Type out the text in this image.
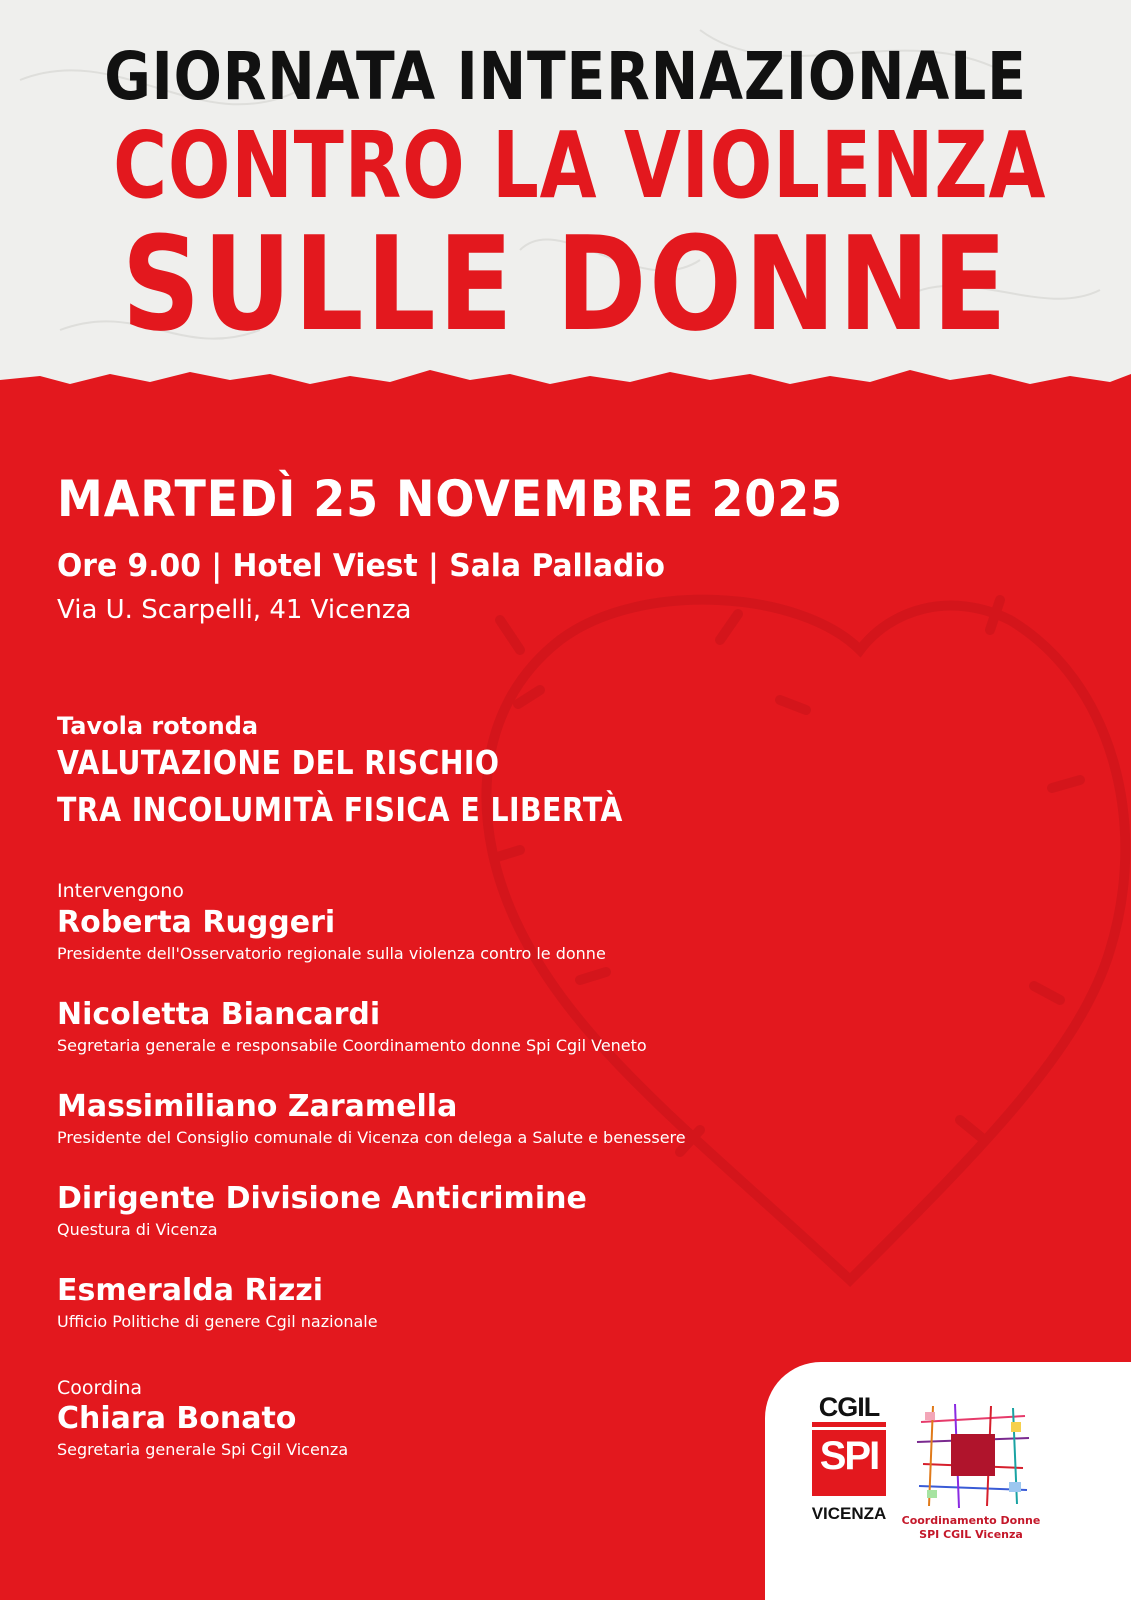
GIORNATA INTERNAZIONALE
CONTRO LA VIOLENZA
SULLE DONNE
MARTEDÌ 25 NOVEMBRE 2025
Ore 9.00 | Hotel Viest | Sala Palladio
Via U. Scarpelli, 41 Vicenza
Tavola rotonda
VALUTAZIONE DEL RISCHIO
TRA INCOLUMITÀ FISICA E LIBERTÀ
Intervengono
Roberta Ruggeri
Presidente dell'Osservatorio regionale sulla violenza contro le donne
Nicoletta Biancardi
Segretaria generale e responsabile Coordinamento donne Spi Cgil Veneto
Massimiliano Zaramella
Presidente del Consiglio comunale di Vicenza con delega a Salute e benessere
Dirigente Divisione Anticrimine
Questura di Vicenza
Esmeralda Rizzi
Ufficio Politiche di genere Cgil nazionale
Coordina
Chiara Bonato
Segretaria generale Spi Cgil Vicenza
CGIL
SPI
VICENZA	Coordinamento Donne
SPI CGIL Vicenza
